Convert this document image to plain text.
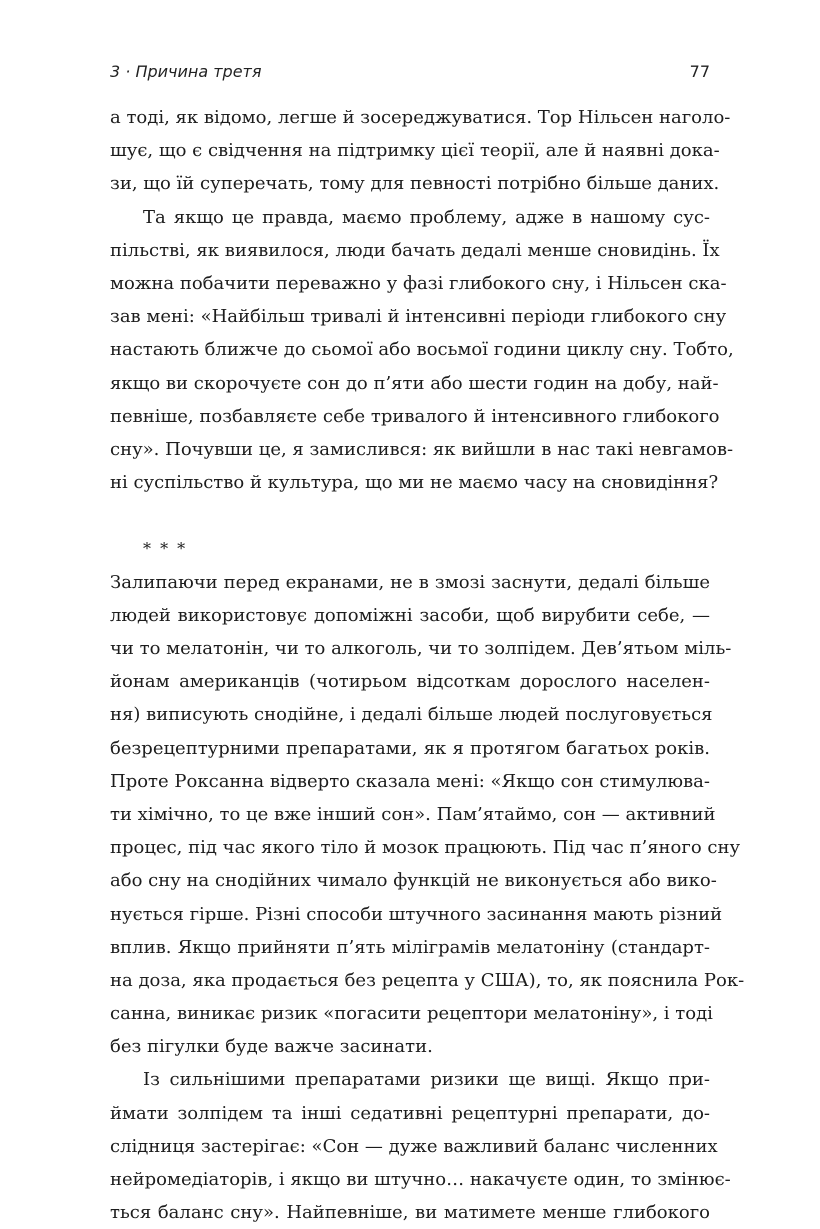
3 · Причина третя	77
а тоді, як відомо, легше й зосереджуватися. Тор Нільсен наголо-
шує, що є свідчення на підтримку цієї теорії, але й наявні дока-
зи, що їй суперечать, тому для певності потрібно більше даних.
Та якщо це правда, маємо проблему, адже в нашому сус-
пільстві, як виявилося, люди бачать дедалі менше сновидінь. Їх
можна побачити переважно у фазі глибокого сну, і Нільсен ска-
зав мені: «Найбільш тривалі й інтенсивні періоди глибокого сну
настають ближче до сьомої або восьмої години циклу сну. Тобто,
якщо ви скорочуєте сон до п’яти або шести годин на добу, най-
певніше, позбавляєте себе тривалого й інтенсивного глибокого
сну». Почувши це, я замислився: як вийшли в нас такі невгамов-
ні суспільство й культура, що ми не маємо часу на сновидіння?
* * *
Залипаючи перед екранами, не в змозі заснути, дедалі більше
людей використовує допоміжні засоби, щоб вирубити себе, —
чи то мелатонін, чи то алкоголь, чи то золпідем. Дев’ятьом міль-
йонам американців (чотирьом відсоткам дорослого населен-
ня) виписують снодійне, і дедалі більше людей послуговується
безрецептурними препаратами, як я протягом багатьох років.
Проте Роксанна відверто сказала мені: «Якщо сон стимулюва-
ти хімічно, то це вже інший сон». Пам’ятаймо, сон — активний
процес, під час якого тіло й мозок працюють. Під час п’яного сну
або сну на снодійних чимало функцій не виконується або вико-
нується гірше. Різні способи штучного засинання мають різний
вплив. Якщо прийняти п’ять міліграмів мелатоніну (стандарт-
на доза, яка продається без рецепта у США), то, як пояснила Рок-
санна, виникає ризик «погасити рецептори мелатоніну», і тоді
без пігулки буде важче засинати.
Із сильнішими препаратами ризики ще вищі. Якщо при-
ймати золпідем та інші седативні рецептурні препарати, до-
слідниця застерігає: «Сон — дуже важливий баланс численних
нейромедіаторів, і якщо ви штучно… накачуєте один, то змінює-
ться баланс сну». Найпевніше, ви матимете менше глибокого
